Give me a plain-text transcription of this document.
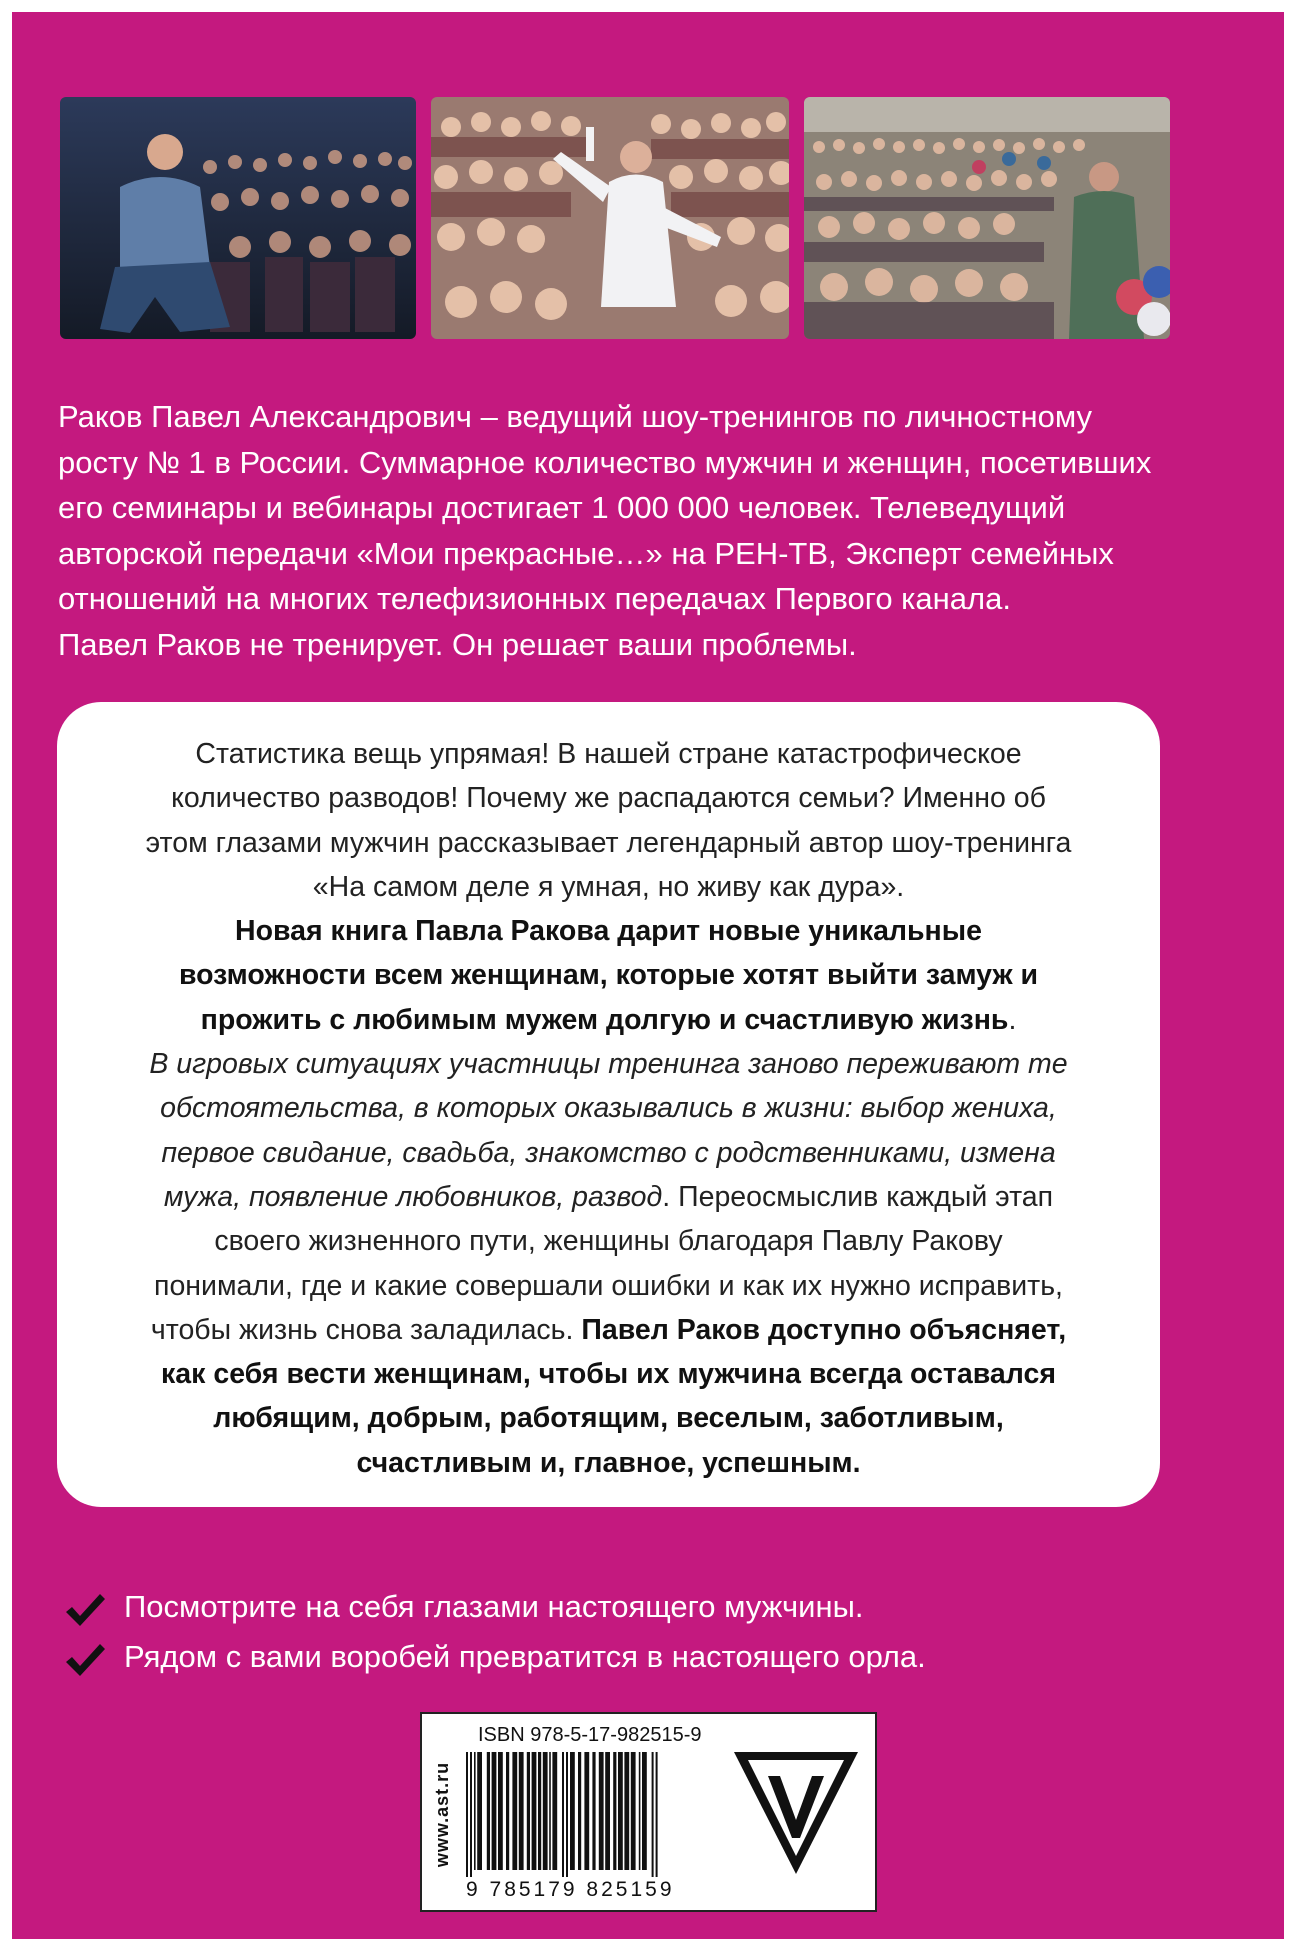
Раков Павел Александрович – ведущий шоу-тренингов по личностному
росту № 1 в России. Суммарное количество мужчин и женщин, посетивших
его семинары и вебинары достигает 1 000 000 человек. Телеведущий
авторской передачи «Мои прекрасные…» на РЕН-ТВ, Эксперт семейных
отношений на многих телефизионных передачах Первого канала.
Павел Раков не тренирует. Он решает ваши проблемы.

Статистика вещь упрямая! В нашей стране катастрофическое
количество разводов! Почему же распадаются семьи? Именно об
этом глазами мужчин рассказывает легендарный автор шоу-тренинга
«На самом деле я умная, но живу как дура».
Новая книга Павла Ракова дарит новые уникальные
возможности всем женщинам, которые хотят выйти замуж и
прожить с любимым мужем долгую и счастливую жизнь.
В игровых ситуациях участницы тренинга заново переживают те
обстоятельства, в которых оказывались в жизни: выбор жениха,
первое свидание, свадьба, знакомство с родственниками, измена
мужа, появление любовников, развод. Переосмыслив каждый этап
своего жизненного пути, женщины благодаря Павлу Ракову
понимали, где и какие совершали ошибки и как их нужно исправить,
чтобы жизнь снова заладилась. Павел Раков доступно объясняет,
как себя вести женщинам, чтобы их мужчина всегда оставался
любящим, добрым, работящим, веселым, заботливым,
счастливым и, главное, успешным.

Посмотрите на себя глазами настоящего мужчины.
Рядом с вами воробей превратится в настоящего орла.
www.ast.ru
ISBN 978-5-17-982515-9
9 785179 825159
